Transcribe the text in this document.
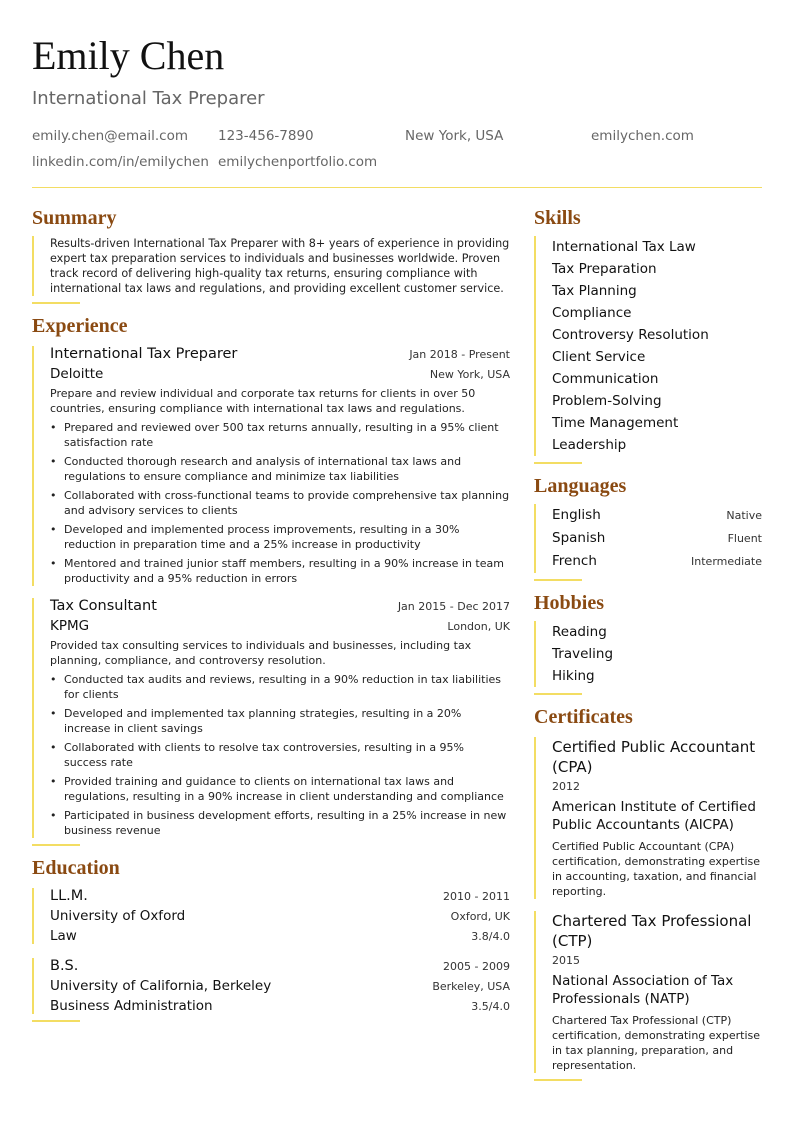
Emily Chen
International Tax Preparer
emily.chen@email.com 123-456-7890	New York, USA	emilychen.com
linkedin.com/in/emilychen emilychenportfolio.com
Summary
Results-driven International Tax Preparer with 8+ years of experience in providing expert tax preparation services to individuals and businesses worldwide. Proven track record of delivering high-quality tax returns, ensuring compliance with international tax laws and regulations, and providing excellent customer service.
Experience
International Tax Preparer	Jan 2018 - Present
Deloitte	New York, USA
Prepare and review individual and corporate tax returns for clients in over 50 countries, ensuring compliance with international tax laws and regulations.
• Prepared and reviewed over 500 tax returns annually, resulting in a 95% client satisfaction rate
• Conducted thorough research and analysis of international tax laws and regulations to ensure compliance and minimize tax liabilities
• Collaborated with cross-functional teams to provide comprehensive tax planning and advisory services to clients
• Developed and implemented process improvements, resulting in a 30% reduction in preparation time and a 25% increase in productivity
• Mentored and trained junior staff members, resulting in a 90% increase in team productivity and a 95% reduction in errors
Tax Consultant	Jan 2015 - Dec 2017
KPMG	London, UK
Provided tax consulting services to individuals and businesses, including tax planning, compliance, and controversy resolution.
• Conducted tax audits and reviews, resulting in a 90% reduction in tax liabilities for clients
• Developed and implemented tax planning strategies, resulting in a 20% increase in client savings
• Collaborated with clients to resolve tax controversies, resulting in a 95% success rate
• Provided training and guidance to clients on international tax laws and regulations, resulting in a 90% increase in client understanding and compliance
• Participated in business development efforts, resulting in a 25% increase in new business revenue
Education
LL.M.	2010 - 2011
University of Oxford	Oxford, UK
Law	3.8/4.0
B.S.	2005 - 2009
University of California, Berkeley	Berkeley, USA
Business Administration	3.5/4.0
Skills
International Tax Law
Tax Preparation
Tax Planning
Compliance
Controversy Resolution
Client Service
Communication
Problem-Solving
Time Management
Leadership
Languages
English	Native
Spanish	Fluent
French	Intermediate
Hobbies
Reading
Traveling
Hiking
Certificates
Certified Public Accountant (CPA)
2012
American Institute of Certified Public Accountants (AICPA)
Certified Public Accountant (CPA) certification, demonstrating expertise in accounting, taxation, and financial reporting.
Chartered Tax Professional (CTP)
2015
National Association of Tax Professionals (NATP)
Chartered Tax Professional (CTP) certification, demonstrating expertise in tax planning, preparation, and representation.
